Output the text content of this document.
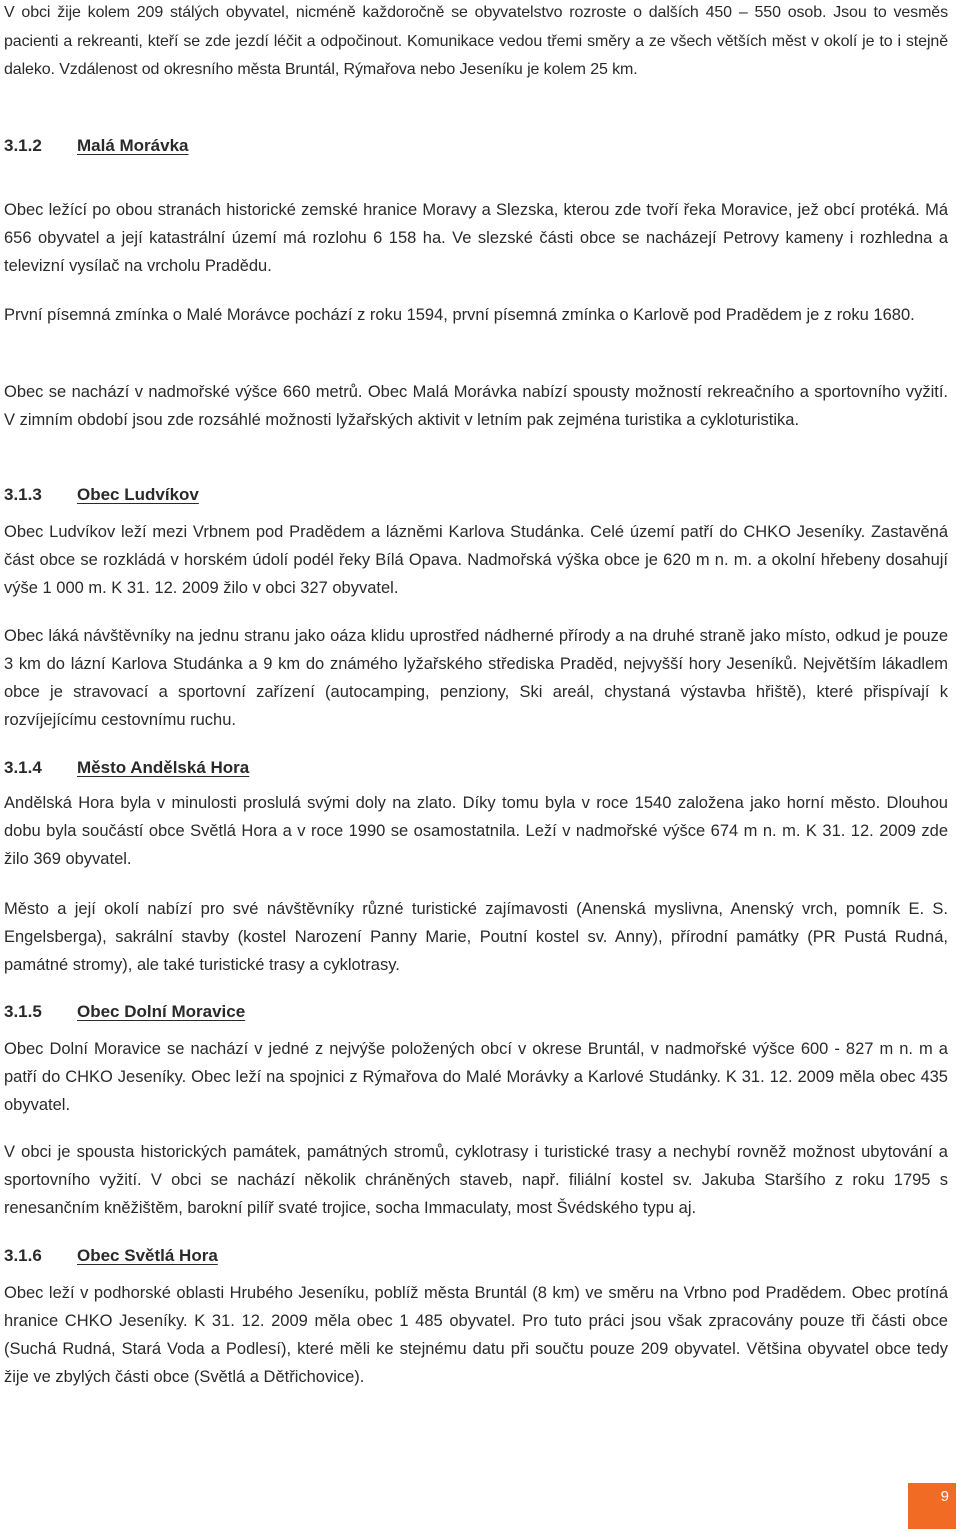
V obci žije kolem 209 stálých obyvatel, nicméně každoročně se obyvatelstvo rozroste o dalších 450 – 550 osob. Jsou to vesměs pacienti a rekreanti, kteří se zde jezdí léčit a odpočinout. Komunikace vedou třemi směry a ze všech větších měst v okolí je to i stejně daleko. Vzdálenost od okresního města Bruntál, Rýmařova nebo Jeseníku je kolem 25 km.

3.1.2 Malá Morávka

Obec ležící po obou stranách historické zemské hranice Moravy a Slezska, kterou zde tvoří řeka Moravice, jež obcí protéká. Má 656 obyvatel a její katastrální území má rozlohu 6 158 ha. Ve slezské části obce se nacházejí Petrovy kameny i rozhledna a televizní vysílač na vrcholu Pradědu.

První písemná zmínka o Malé Morávce pochází z roku 1594, první písemná zmínka o Karlově pod Pradědem je z roku 1680.

Obec se nachází v nadmořské výšce 660 metrů. Obec Malá Morávka nabízí spousty možností rekreačního a sportovního vyžití. V zimním období jsou zde rozsáhlé možnosti lyžařských aktivit v letním pak zejména turistika a cykloturistika.

3.1.3 Obec Ludvíkov

Obec Ludvíkov leží mezi Vrbnem pod Pradědem a lázněmi Karlova Studánka. Celé území patří do CHKO Jeseníky. Zastavěná část obce se rozkládá v horském údolí podél řeky Bílá Opava. Nadmořská výška obce je 620 m n. m. a okolní hřebeny dosahují výše 1 000 m. K 31. 12. 2009 žilo v obci 327 obyvatel.

Obec láká návštěvníky na jednu stranu jako oáza klidu uprostřed nádherné přírody a na druhé straně jako místo, odkud je pouze 3 km do lázní Karlova Studánka a 9 km do známého lyžařského střediska Praděd, nejvyšší hory Jeseníků. Největším lákadlem obce je stravovací a sportovní zařízení (autocamping, penziony, Ski areál, chystaná výstavba hřiště), které přispívají k rozvíjejícímu cestovnímu ruchu.

3.1.4 Město Andělská Hora

Andělská Hora byla v minulosti proslulá svými doly na zlato. Díky tomu byla v roce 1540 založena jako horní město. Dlouhou dobu byla součástí obce Světlá Hora a v roce 1990 se osamostatnila. Leží v nadmořské výšce 674 m n. m. K 31. 12. 2009 zde žilo 369 obyvatel.

Město a její okolí nabízí pro své návštěvníky různé turistické zajímavosti (Anenská myslivna, Anenský vrch, pomník E. S. Engelsberga), sakrální stavby (kostel Narození Panny Marie, Poutní kostel sv. Anny), přírodní památky (PR Pustá Rudná, památné stromy), ale také turistické trasy a cyklotrasy.

3.1.5 Obec Dolní Moravice

Obec Dolní Moravice se nachází v jedné z nejvýše položených obcí v okrese Bruntál, v nadmořské výšce 600 - 827 m n. m a patří do CHKO Jeseníky. Obec leží na spojnici z Rýmařova do Malé Morávky a Karlové Studánky. K 31. 12. 2009 měla obec 435 obyvatel.

V obci je spousta historických památek, památných stromů, cyklotrasy i turistické trasy a nechybí rovněž možnost ubytování a sportovního vyžití. V obci se nachází několik chráněných staveb, např. filiální kostel sv. Jakuba Staršího z roku 1795 s renesančním kněžištěm, barokní pilíř svaté trojice, socha Immaculaty, most Švédského typu aj.

3.1.6 Obec Světlá Hora

Obec leží v podhorské oblasti Hrubého Jeseníku, poblíž města Bruntál (8 km) ve směru na Vrbno pod Pradědem. Obec protíná hranice CHKO Jeseníky. K 31. 12. 2009 měla obec 1 485 obyvatel. Pro tuto práci jsou však zpracovány pouze tři části obce (Suchá Rudná, Stará Voda a Podlesí), které měli ke stejnému datu při součtu pouze 209 obyvatel. Většina obyvatel obce tedy žije ve zbylých části obce (Světlá a Dětřichovice).

9
